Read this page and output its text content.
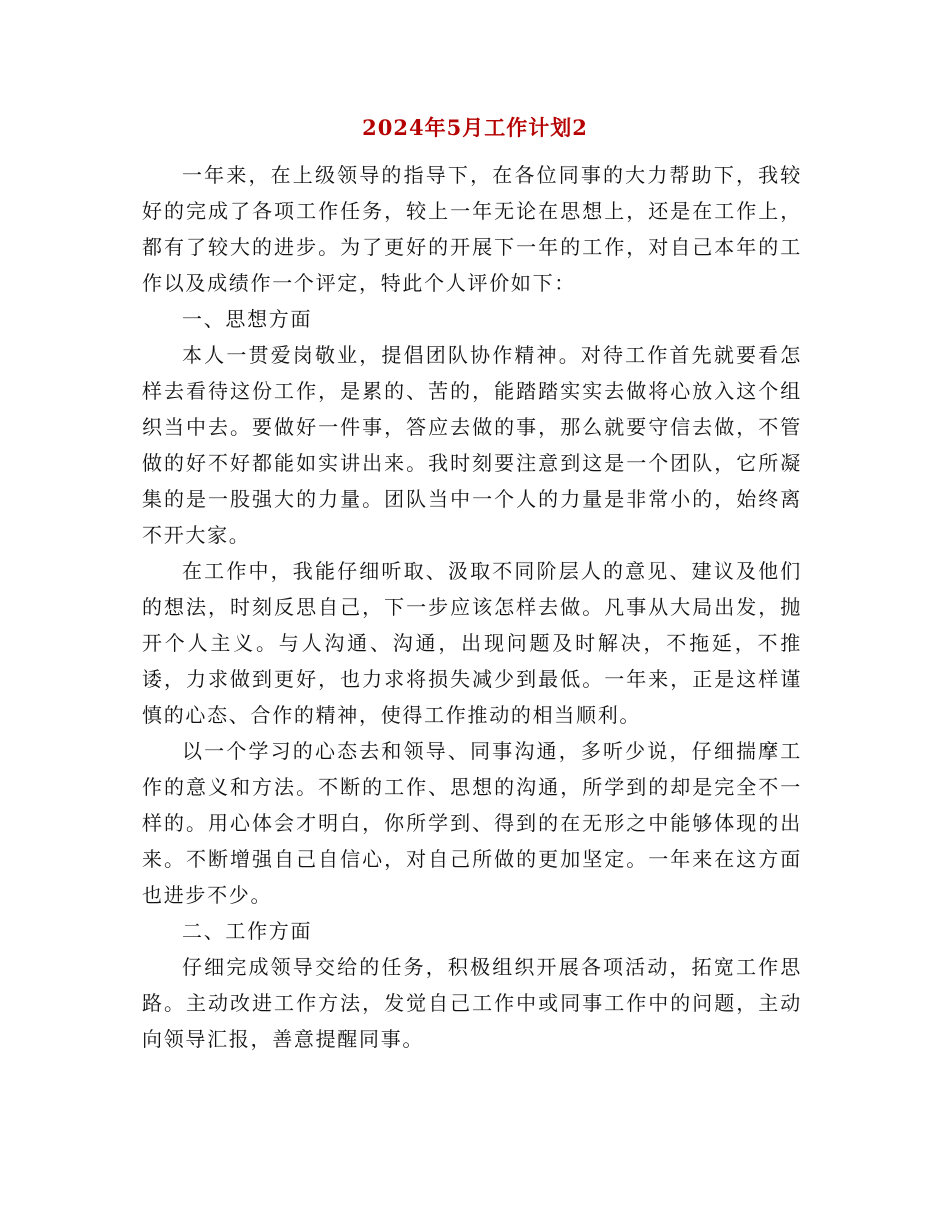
2024年5月工作计划2

一年来，在上级领导的指导下，在各位同事的大力帮助下，我较好的完成了各项工作任务，较上一年无论在思想上，还是在工作上，都有了较大的进步。为了更好的开展下一年的工作，对自己本年的工作以及成绩作一个评定，特此个人评价如下：

一、思想方面

本人一贯爱岗敬业，提倡团队协作精神。对待工作首先就要看怎样去看待这份工作，是累的、苦的，能踏踏实实去做将心放入这个组织当中去。要做好一件事，答应去做的事，那么就要守信去做，不管做的好不好都能如实讲出来。我时刻要注意到这是一个团队，它所凝集的是一股强大的力量。团队当中一个人的力量是非常小的，始终离不开大家。

在工作中，我能仔细听取、汲取不同阶层人的意见、建议及他们的想法，时刻反思自己，下一步应该怎样去做。凡事从大局出发，抛开个人主义。与人沟通、沟通，出现问题及时解决，不拖延，不推诿，力求做到更好，也力求将损失减少到最低。一年来，正是这样谨慎的心态、合作的精神，使得工作推动的相当顺利。

以一个学习的心态去和领导、同事沟通，多听少说，仔细揣摩工作的意义和方法。不断的工作、思想的沟通，所学到的却是完全不一样的。用心体会才明白，你所学到、得到的在无形之中能够体现的出来。不断增强自己自信心，对自己所做的更加坚定。一年来在这方面也进步不少。

二、工作方面

仔细完成领导交给的任务，积极组织开展各项活动，拓宽工作思路。主动改进工作方法，发觉自己工作中或同事工作中的问题，主动向领导汇报，善意提醒同事。
